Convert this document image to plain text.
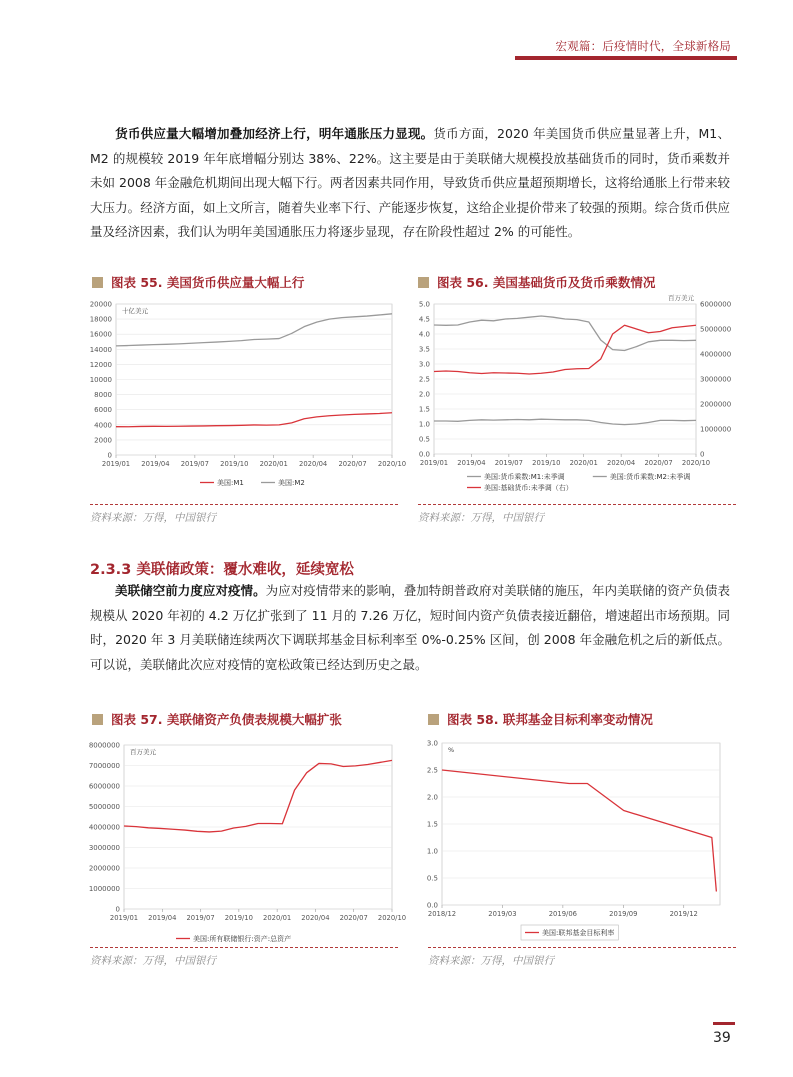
宏观篇：后疫情时代，全球新格局
货币供应量大幅增加叠加经济上行，明年通胀压力显现。货币方面，2020 年美国货币供应量显著上升，M1、M2 的规模较 2019 年年底增幅分别达 38%、22%。这主要是由于美联储大规模投放基础货币的同时，货币乘数并未如 2008 年金融危机期间出现大幅下行。两者因素共同作用，导致货币供应量超预期增长，这将给通胀上行带来较大压力。经济方面，如上文所言，随着失业率下行、产能逐步恢复，这给企业提价带来了较强的预期。综合货币供应量及经济因素，我们认为明年美国通胀压力将逐步显现，存在阶段性超过 2% 的可能性。
图表 55. 美国货币供应量大幅上行
0
2000
4000
6000
8000
10000
12000
14000
16000
18000
20000
十亿美元
2019/01 2019/04 2019/07 2019/10 2020/01 2020/04 2020/07 2020/10
美国:M1	美国:M2
资料来源：万得，中国银行
图表 56. 美国基础货币及货币乘数情况
0.0
0.5
1.0
1.5
2.0
2.5
3.0
3.5
4.0
4.5
5.0
0
1000000
2000000
3000000
4000000
5000000
6000000
百万美元
2019/01 2019/04 2019/07 2019/10 2020/01 2020/04 2020/07 2020/10
美国:货币乘数:M1:未季调	美国:货币乘数:M2:未季调
美国:基础货币:未季调（右）
资料来源：万得，中国银行
2.3.3 美联储政策：覆水难收，延续宽松
美联储空前力度应对疫情。为应对疫情带来的影响，叠加特朗普政府对美联储的施压，年内美联储的资产负债表规模从 2020 年初的 4.2 万亿扩张到了 11 月的 7.26 万亿，短时间内资产负债表接近翻倍，增速超出市场预期。同时，2020 年 3 月美联储连续两次下调联邦基金目标利率至 0%-0.25% 区间，创 2008 年金融危机之后的新低点。可以说，美联储此次应对疫情的宽松政策已经达到历史之最。
图表 57. 美联储资产负债表规模大幅扩张
0
1000000
2000000
3000000
4000000
5000000
6000000
7000000
8000000
百万美元
2019/01 2019/04 2019/07 2019/10 2020/01 2020/04 2020/07 2020/10
美国:所有联储银行:资产:总资产
资料来源：万得，中国银行
图表 58. 联邦基金目标利率变动情况
0.0
0.5
1.0
1.5
2.0
2.5
3.0
%
2018/12	2019/03	2019/06	2019/09	2019/12
美国:联邦基金目标利率
资料来源：万得，中国银行
39
